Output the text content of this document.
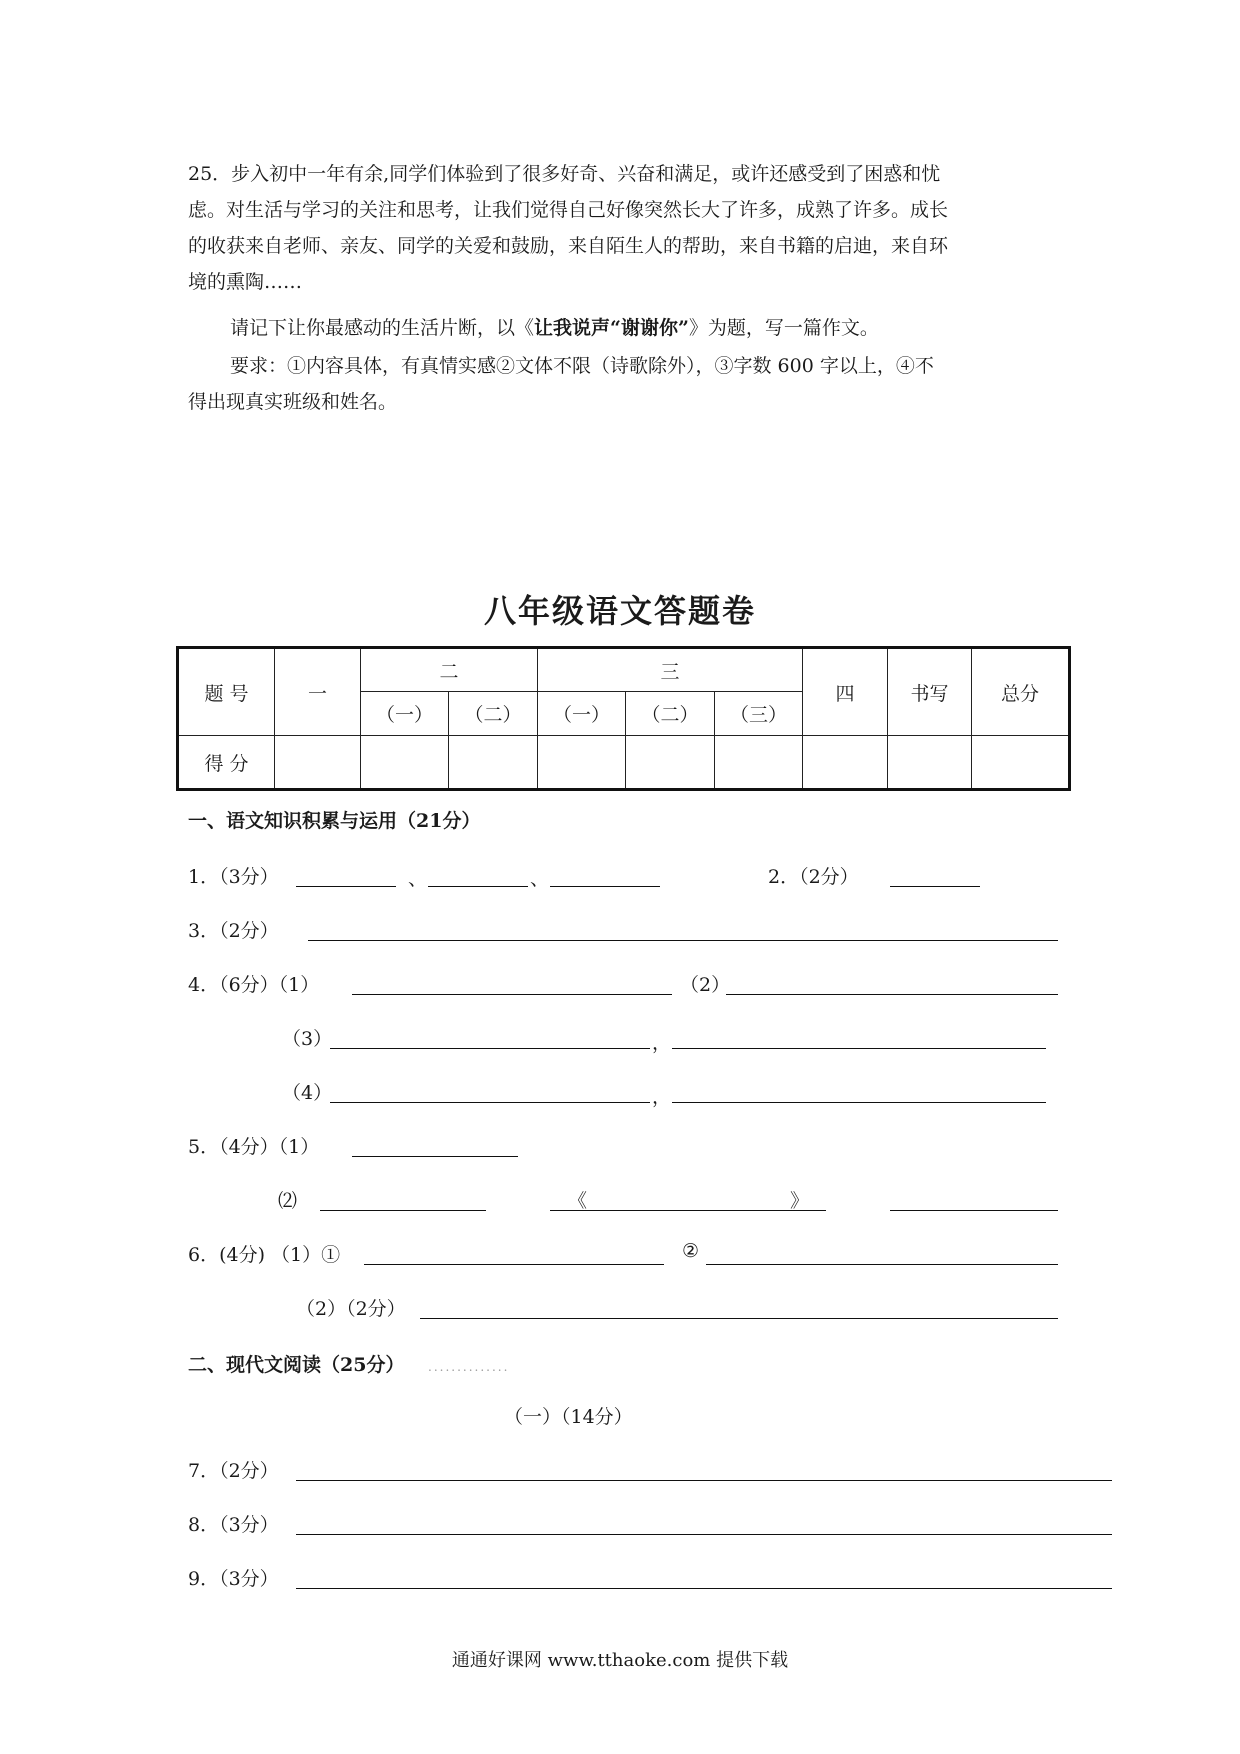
25．步入初中一年有余,同学们体验到了很多好奇、兴奋和满足，或许还感受到了困惑和忧
虑。对生活与学习的关注和思考，让我们觉得自己好像突然长大了许多，成熟了许多。成长
的收获来自老师、亲友、同学的关爱和鼓励，来自陌生人的帮助，来自书籍的启迪，来自环
境的熏陶……
请记下让你最感动的生活片断，以《让我说声“谢谢你”》为题，写一篇作文。
要求：①内容具体，有真情实感②文体不限（诗歌除外），③字数 600 字以上，④不
得出现真实班级和姓名。
八年级语文答题卷
题 号	一	二		三			四	书写	总分
		（一）	（二）	（一）	（二）	（三）			
得 分									
一、语文知识积累与运用（21分）
1．（3分）	、	、	2．（2分）
3．（2分）
4．（6分）（1）	（2）
（3）	，
（4）	，
5．（4分）（1）
⑵	《	》
6．(4分) （1）①	②
（2）（2分）
二、现代文阅读（25分） ..............
（一）（14分）
7．（2分）
8．（3分）
9．（3分）
通通好课网 www.tthaoke.com 提供下载
